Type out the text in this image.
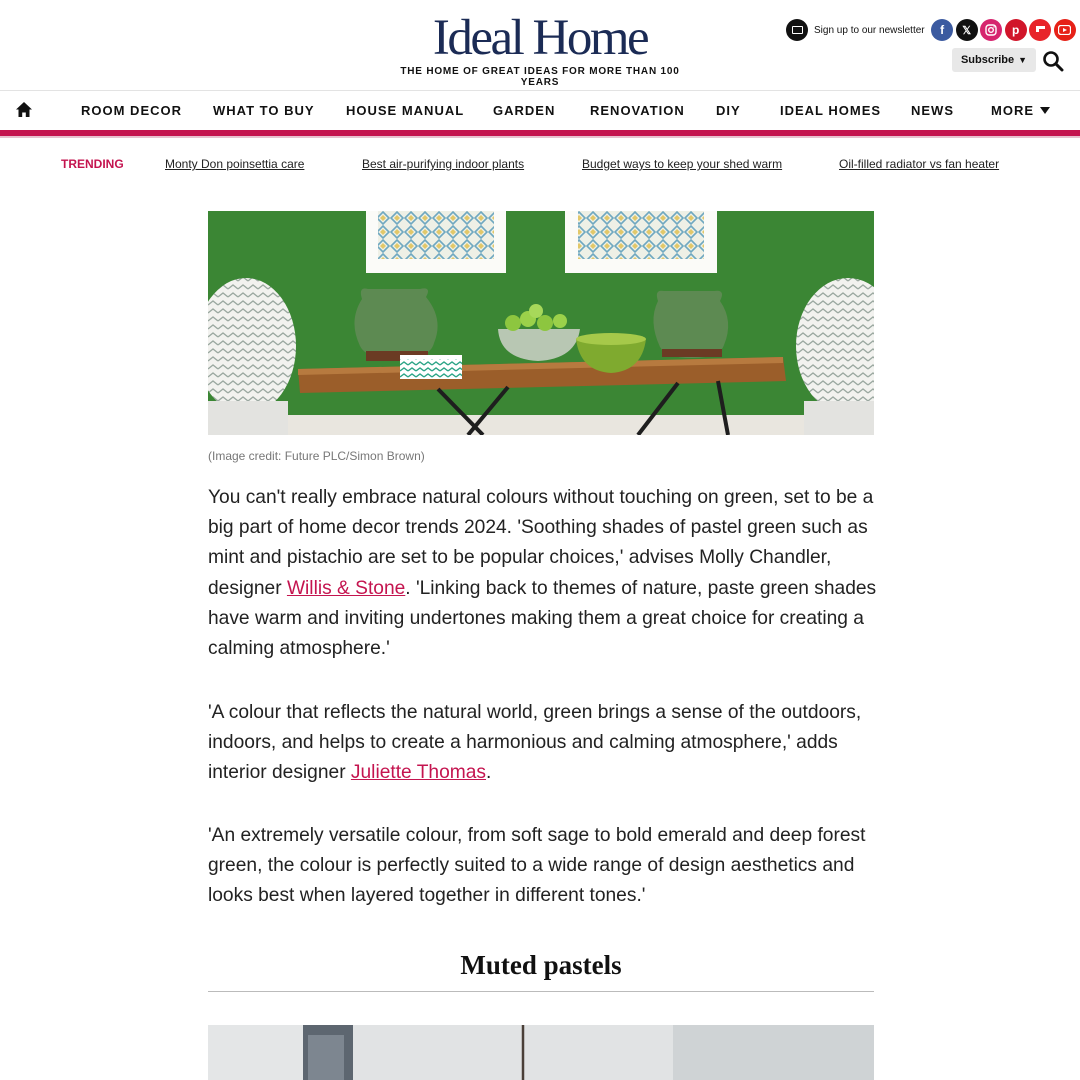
Ideal Home
THE HOME OF GREAT IDEAS FOR MORE THAN 100 YEARS
Sign up to our newsletter	f	𝕏	p
Subscribe ▼
ROOM DECOR WHAT TO BUY HOUSE MANUAL GARDEN	RENOVATION DIY	IDEAL HOMES NEWS	MORE
TRENDING	Monty Don poinsettia care	Best air-purifying indoor plants	Budget ways to keep your shed warm	Oil-filled radiator vs fan heater
(Image credit: Future PLC/Simon Brown)

You can't really embrace natural colours without touching on green, set to be a big part of home decor trends 2024. 'Soothing shades of pastel green such as mint and pistachio are set to be popular choices,' advises Molly Chandler, designer Willis & Stone. 'Linking back to themes of nature, paste green shades have warm and inviting undertones making them a great choice for creating a calming atmosphere.'

'A colour that reflects the natural world, green brings a sense of the outdoors, indoors, and helps to create a harmonious and calming atmosphere,' adds interior designer Juliette Thomas.

'An extremely versatile colour, from soft sage to bold emerald and deep forest green, the colour is perfectly suited to a wide range of design aesthetics and looks best when layered together in different tones.'

Muted pastels
